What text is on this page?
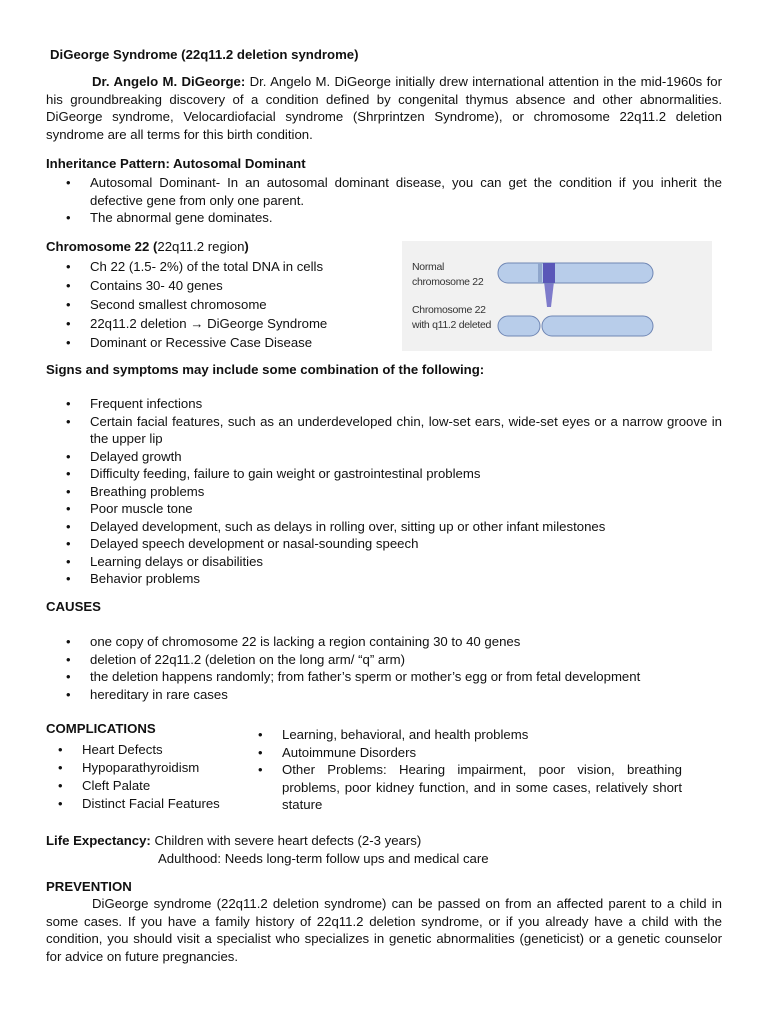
DiGeorge Syndrome (22q11.2 deletion syndrome)
Dr. Angelo M. DiGeorge: Dr. Angelo M. DiGeorge initially drew international attention in the mid-1960s for his groundbreaking discovery of a condition defined by congenital thymus absence and other abnormalities. DiGeorge syndrome, Velocardiofacial syndrome (Shrprintzen Syndrome), or chromosome 22q11.2 deletion syndrome are all terms for this birth condition.
Inheritance Pattern: Autosomal Dominant
• Autosomal Dominant- In an autosomal dominant disease, you can get the condition if you inherit the defective gene from only one parent.
• The abnormal gene dominates.
Chromosome 22 (22q11.2 region)
• Ch 22 (1.5- 2%) of the total DNA in cells
• Contains 30- 40 genes
• Second smallest chromosome
• 22q11.2 deletion → DiGeorge Syndrome
• Dominant or Recessive Case Disease
Normal
chromosome 22
Chromosome 22
with q11.2 deleted
Signs and symptoms may include some combination of the following:
• Frequent infections
• Certain facial features, such as an underdeveloped chin, low-set ears, wide-set eyes or a narrow groove in the upper lip
• Delayed growth
• Difficulty feeding, failure to gain weight or gastrointestinal problems
• Breathing problems
• Poor muscle tone
• Delayed development, such as delays in rolling over, sitting up or other infant milestones
• Delayed speech development or nasal-sounding speech
• Learning delays or disabilities
• Behavior problems
CAUSES
• one copy of chromosome 22 is lacking a region containing 30 to 40 genes
• deletion of 22q11.2 (deletion on the long arm/ “q” arm)
• the deletion happens randomly; from father’s sperm or mother’s egg or from fetal development
• hereditary in rare cases
COMPLICATIONS
• Heart Defects
• Hypoparathyroidism
• Cleft Palate
• Distinct Facial Features
• Learning, behavioral, and health problems
• Autoimmune Disorders
• Other Problems: Hearing impairment, poor vision, breathing problems, poor kidney function, and in some cases, relatively short stature
Life Expectancy: Children with severe heart defects (2-3 years)
Adulthood: Needs long-term follow ups and medical care
PREVENTION
DiGeorge syndrome (22q11.2 deletion syndrome) can be passed on from an affected parent to a child in some cases. If you have a family history of 22q11.2 deletion syndrome, or if you already have a child with the condition, you should visit a specialist who specializes in genetic abnormalities (geneticist) or a genetic counselor for advice on future pregnancies.
